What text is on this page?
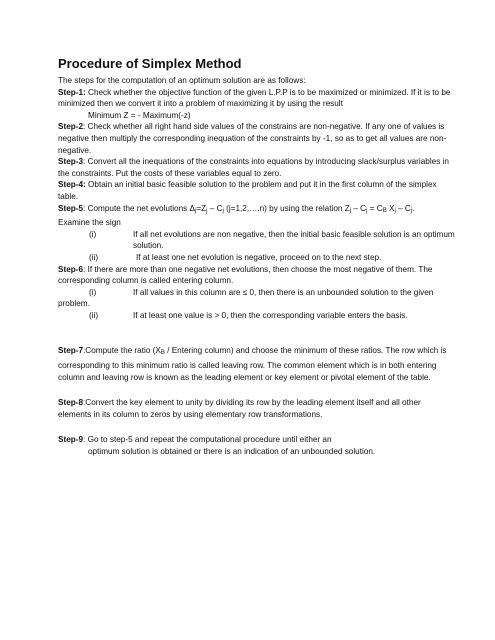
Procedure of Simplex Method

The steps for the computation of an optimum solution are as follows:

Step-1: Check whether the objective function of the given L.P.P is to be maximized or minimized. If it is to be minimized then we convert it into a problem of maximizing it by using the result

Minimum Z = - Maximum(-z)

Step-2: Check whether all right hand side values of the constrains are non-negative. If any one of values is negative then multiply the corresponding inequation of the constraints by -1, so as to get all values are non-negative.

Step-3: Convert all the inequations of the constraints into equations by introducing slack/surplus variables in the constraints. Put the costs of these variables equal to zero.

Step-4: Obtain an initial basic feasible solution to the problem and put it in the first column of the simplex table.

Step-5: Compute the net evolutions Δj=Zj – Cj (j=1,2,….n) by using the relation Zj – Cj = CB Xj – Cj.

Examine the sign

(i)	If all net evolutions are non negative, then the initial basic feasible solution is an optimum solution.
(ii)	If at least one net evolution is negative, proceed on to the next step.

Step-6: If there are more than one negative net evolutions, then choose the most negative of them. The corresponding column is called entering column.

(i)	If all values in this column are ≤ 0, then there is an unbounded solution to the given problem.

(ii)	If at least one value is > 0, then the corresponding variable enters the basis.

Step-7:Compute the ratio (XB / Entering column) and choose the minimum of these ratios. The row which is corresponding to this minimum ratio is called leaving row. The common element which is in both entering column and leaving row is known as the leading element or key element or pivotal element of the table.

Step-8:Convert the key element to unity by dividing its row by the leading element itself and all other elements in its column to zeros by using elementary row transformations.

Step-9: Go to step-5 and repeat the computational procedure until either an

optimum solution is obtained or there is an indication of an unbounded solution.
